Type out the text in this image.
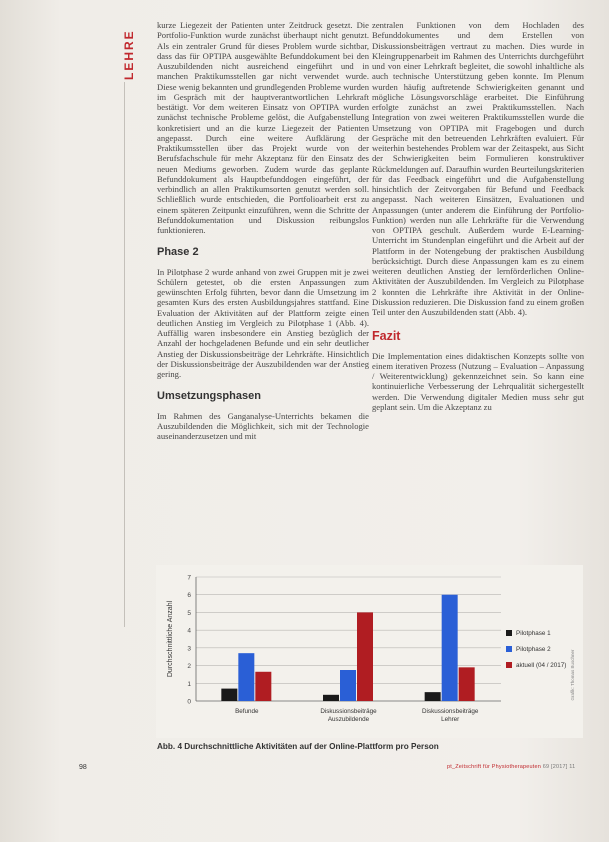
LEHRE

kurze Liegezeit der Patienten unter Zeitdruck gesetzt. Die Portfolio-Funktion wurde zunächst überhaupt nicht genutzt. Als ein zentraler Grund für dieses Problem wurde sichtbar, dass das für OPTIPA ausgewählte Befunddokument bei den Auszubildenden nicht ausreichend eingeführt und in manchen Praktikumsstellen gar nicht verwendet wurde. Diese wenig bekannten und grundlegenden Probleme wurden im Gespräch mit der hauptverantwortlichen Lehrkraft bestätigt. Vor dem weiteren Einsatz von OPTIPA wurden zunächst technische Probleme gelöst, die Aufgabenstellung konkretisiert und an die kurze Liegezeit der Patienten angepasst. Durch eine weitere Aufklärung der Praktikumsstellen über das Projekt wurde von der Berufsfachschule für mehr Akzeptanz für den Einsatz des neuen Mediums geworben. Zudem wurde das geplante Befunddokument als Hauptbefunddogen eingeführt, der verbindlich an allen Praktikumsorten genutzt werden soll. Schließlich wurde entschieden, die Portfolioarbeit erst zu einem späteren Zeitpunkt einzuführen, wenn die Schritte der Befunddokumentation und Diskussion reibungslos funktionieren.

Phase 2

In Pilotphase 2 wurde anhand von zwei Gruppen mit je zwei Schülern getestet, ob die ersten Anpassungen zum gewünschten Erfolg führten, bevor dann die Umsetzung im gesamten Kurs des ersten Ausbildungsjahres stattfand. Eine Evaluation der Aktivitäten auf der Plattform zeigte einen deutlichen Anstieg im Vergleich zu Pilotphase 1 (Abb. 4). Auffällig waren insbesondere ein Anstieg bezüglich der Anzahl der hochgeladenen Befunde und ein sehr deutlicher Anstieg der Diskussionsbeiträge der Lehrkräfte. Hinsichtlich der Diskussionsbeiträge der Auszubildenden war der Anstieg gering.

Umsetzungsphasen

Im Rahmen des Ganganalyse-Unterrichts bekamen die Auszubildenden die Möglichkeit, sich mit der Technologie auseinanderzusetzen und mit

zentralen Funktionen von dem Hochladen des Befunddokumentes und dem Erstellen von Diskussionsbeiträgen vertraut zu machen. Dies wurde in Kleingruppenarbeit im Rahmen des Unterrichts durchgeführt und von einer Lehrkraft begleitet, die sowohl inhaltliche als auch technische Unterstützung geben konnte. Im Plenum wurden häufig auftretende Schwierigkeiten genannt und mögliche Lösungsvorschläge erarbeitet. Die Einführung erfolgte zunächst an zwei Praktikumsstellen. Nach Integration von zwei weiteren Praktikumsstellen wurde die Umsetzung von OPTIPA mit Fragebogen und durch Gespräche mit den betreuenden Lehrkräften evaluiert. Für weiterhin bestehendes Problem war der Zeitaspekt, aus Sicht der Schwierigkeiten beim Formulieren konstruktiver Rückmeldungen auf. Daraufhin wurden Beurteilungskriterien für das Feedback eingeführt und die Aufgabenstellung hinsichtlich der Zeitvorgaben für Befund und Feedback angepasst. Nach weiteren Einsätzen, Evaluationen und Anpassungen (unter anderem die Einführung der Portfolio-Funktion) werden nun alle Lehrkräfte für die Verwendung von OPTIPA geschult. Außerdem wurde E-Learning-Unterricht im Stundenplan eingeführt und die Arbeit auf der Plattform in der Notengebung der praktischen Ausbildung berücksichtigt. Durch diese Anpassungen kam es zu einem weiteren deutlichen Anstieg der lernförderlichen Online-Aktivitäten der Auszubildenden. Im Vergleich zu Pilotphase 2 konnten die Lehrkräfte ihre Aktivität in der Online-Diskussion reduzieren. Die Diskussion fand zu einem großen Teil unter den Auszubildenden statt (Abb. 4).

Fazit

Die Implementation eines didaktischen Konzepts sollte von einem iterativen Prozess (Nutzung – Evaluation – Anpassung / Weiterentwicklung) gekennzeichnet sein. So kann eine kontinuierliche Verbesserung der Lehrqualität sichergestellt werden. Die Verwendung digitaler Medien muss sehr gut geplant sein. Um die Akzeptanz zu

0
1
2
3
4
5
6
7
Durchschnittliche Anzahl
Befunde	Diskussionsbeiträge
Auszubildende
Diskussionsbeiträge
Lehrer
Pilotphase 1
Pilotphase 2
aktuell (04 / 2017) Grafik: Thomas Buschner
Abb. 4 Durchschnittliche Aktivitäten auf der Online-Plattform pro Person
98	pt_Zeitschrift für Physiotherapeuten 69 [2017] 11
